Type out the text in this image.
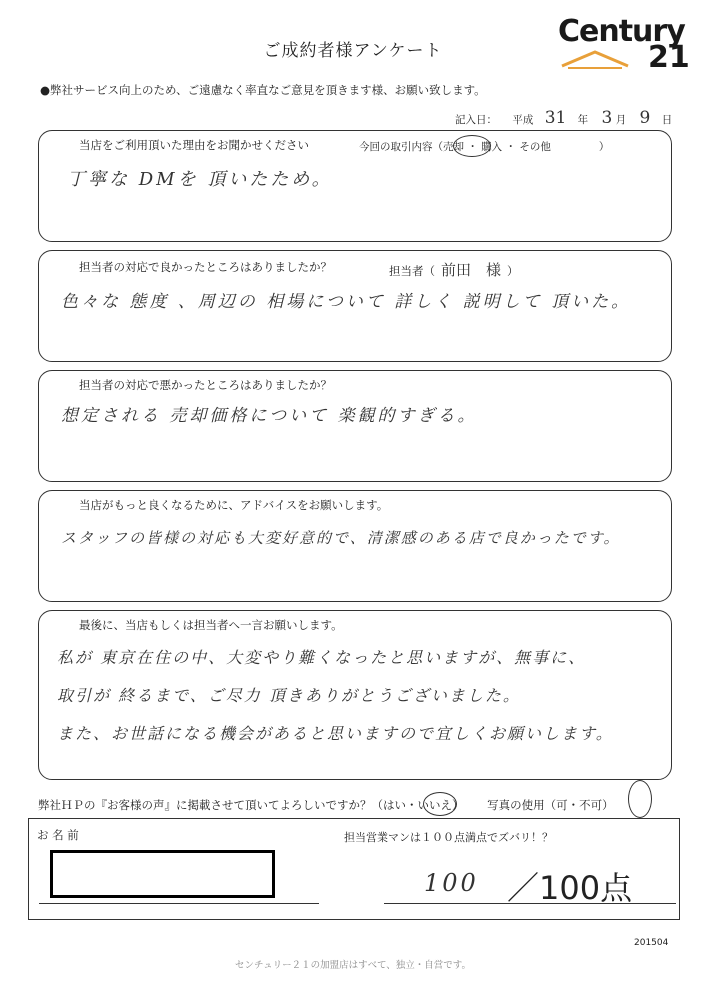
ご成約者様アンケート
Century
21
●弊社サービス向上のため、ご遠慮なく率直なご意見を頂きます様、お願い致します。
記入日： 平成 31 年 3 月 9 日
当店をご利用頂いた理由をお聞かせください	今回の取引内容（売却 ・ 購入 ・ その他	）
丁寧な DMを 頂いたため。
担当者の対応で良かったところはありましたか？	担当者（ 前田　様 ）
色々な 態度 、周辺の 相場について 詳しく 説明して 頂いた。
担当者の対応で悪かったところはありましたか？
想定される 売却価格について 楽観的すぎる。
当店がもっと良くなるために、アドバイスをお願いします。
スタッフの皆様の対応も大変好意的で、清潔感のある店で良かったです。
最後に、当店もしくは担当者へ一言お願いします。
私が 東京在住の中、大変やり難くなったと思いますが、無事に、
取引が 終るまで、ご尽力 頂きありがとうございました。
また、お世話になる機会があると思いますので宜しくお願いします。
弊社ＨＰの『お客様の声』に掲載させて頂いてよろしいですか？（はい・いいえ） 写真の使用（可・不可）
お 名 前	担当営業マンは１００点満点でズバリ！？
100 ／100点
201504
センチュリー２１の加盟店はすべて、独立・自営です。
